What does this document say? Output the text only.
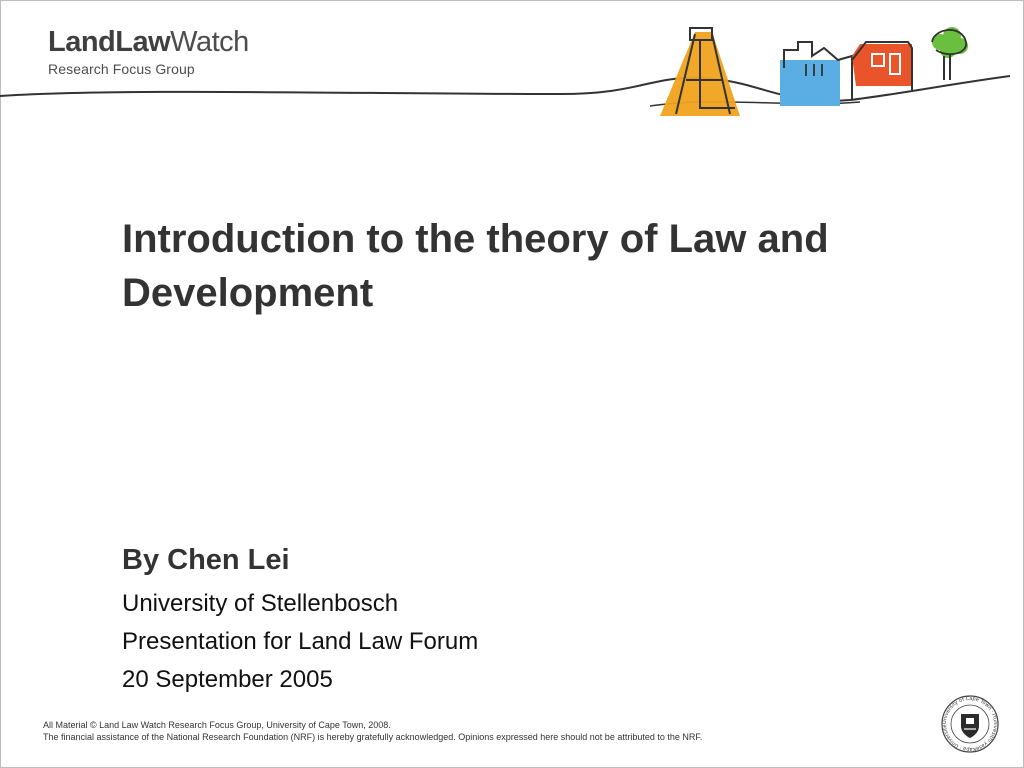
LandLawWatch
Research Focus Group
Introduction to the theory of Law and
Development
By Chen Lei
University of Stellenbosch
Presentation for Land Law Forum
20 September 2005
All Material © Land Law Watch Research Focus Group, University of Cape Town, 2008.
The financial assistance of the National Research Foundation (NRF) is hereby gratefully acknowledged. Opinions expressed here should not be attributed to the NRF.
University of Cape Town · iYunivesithi yaseKapa · Universite
